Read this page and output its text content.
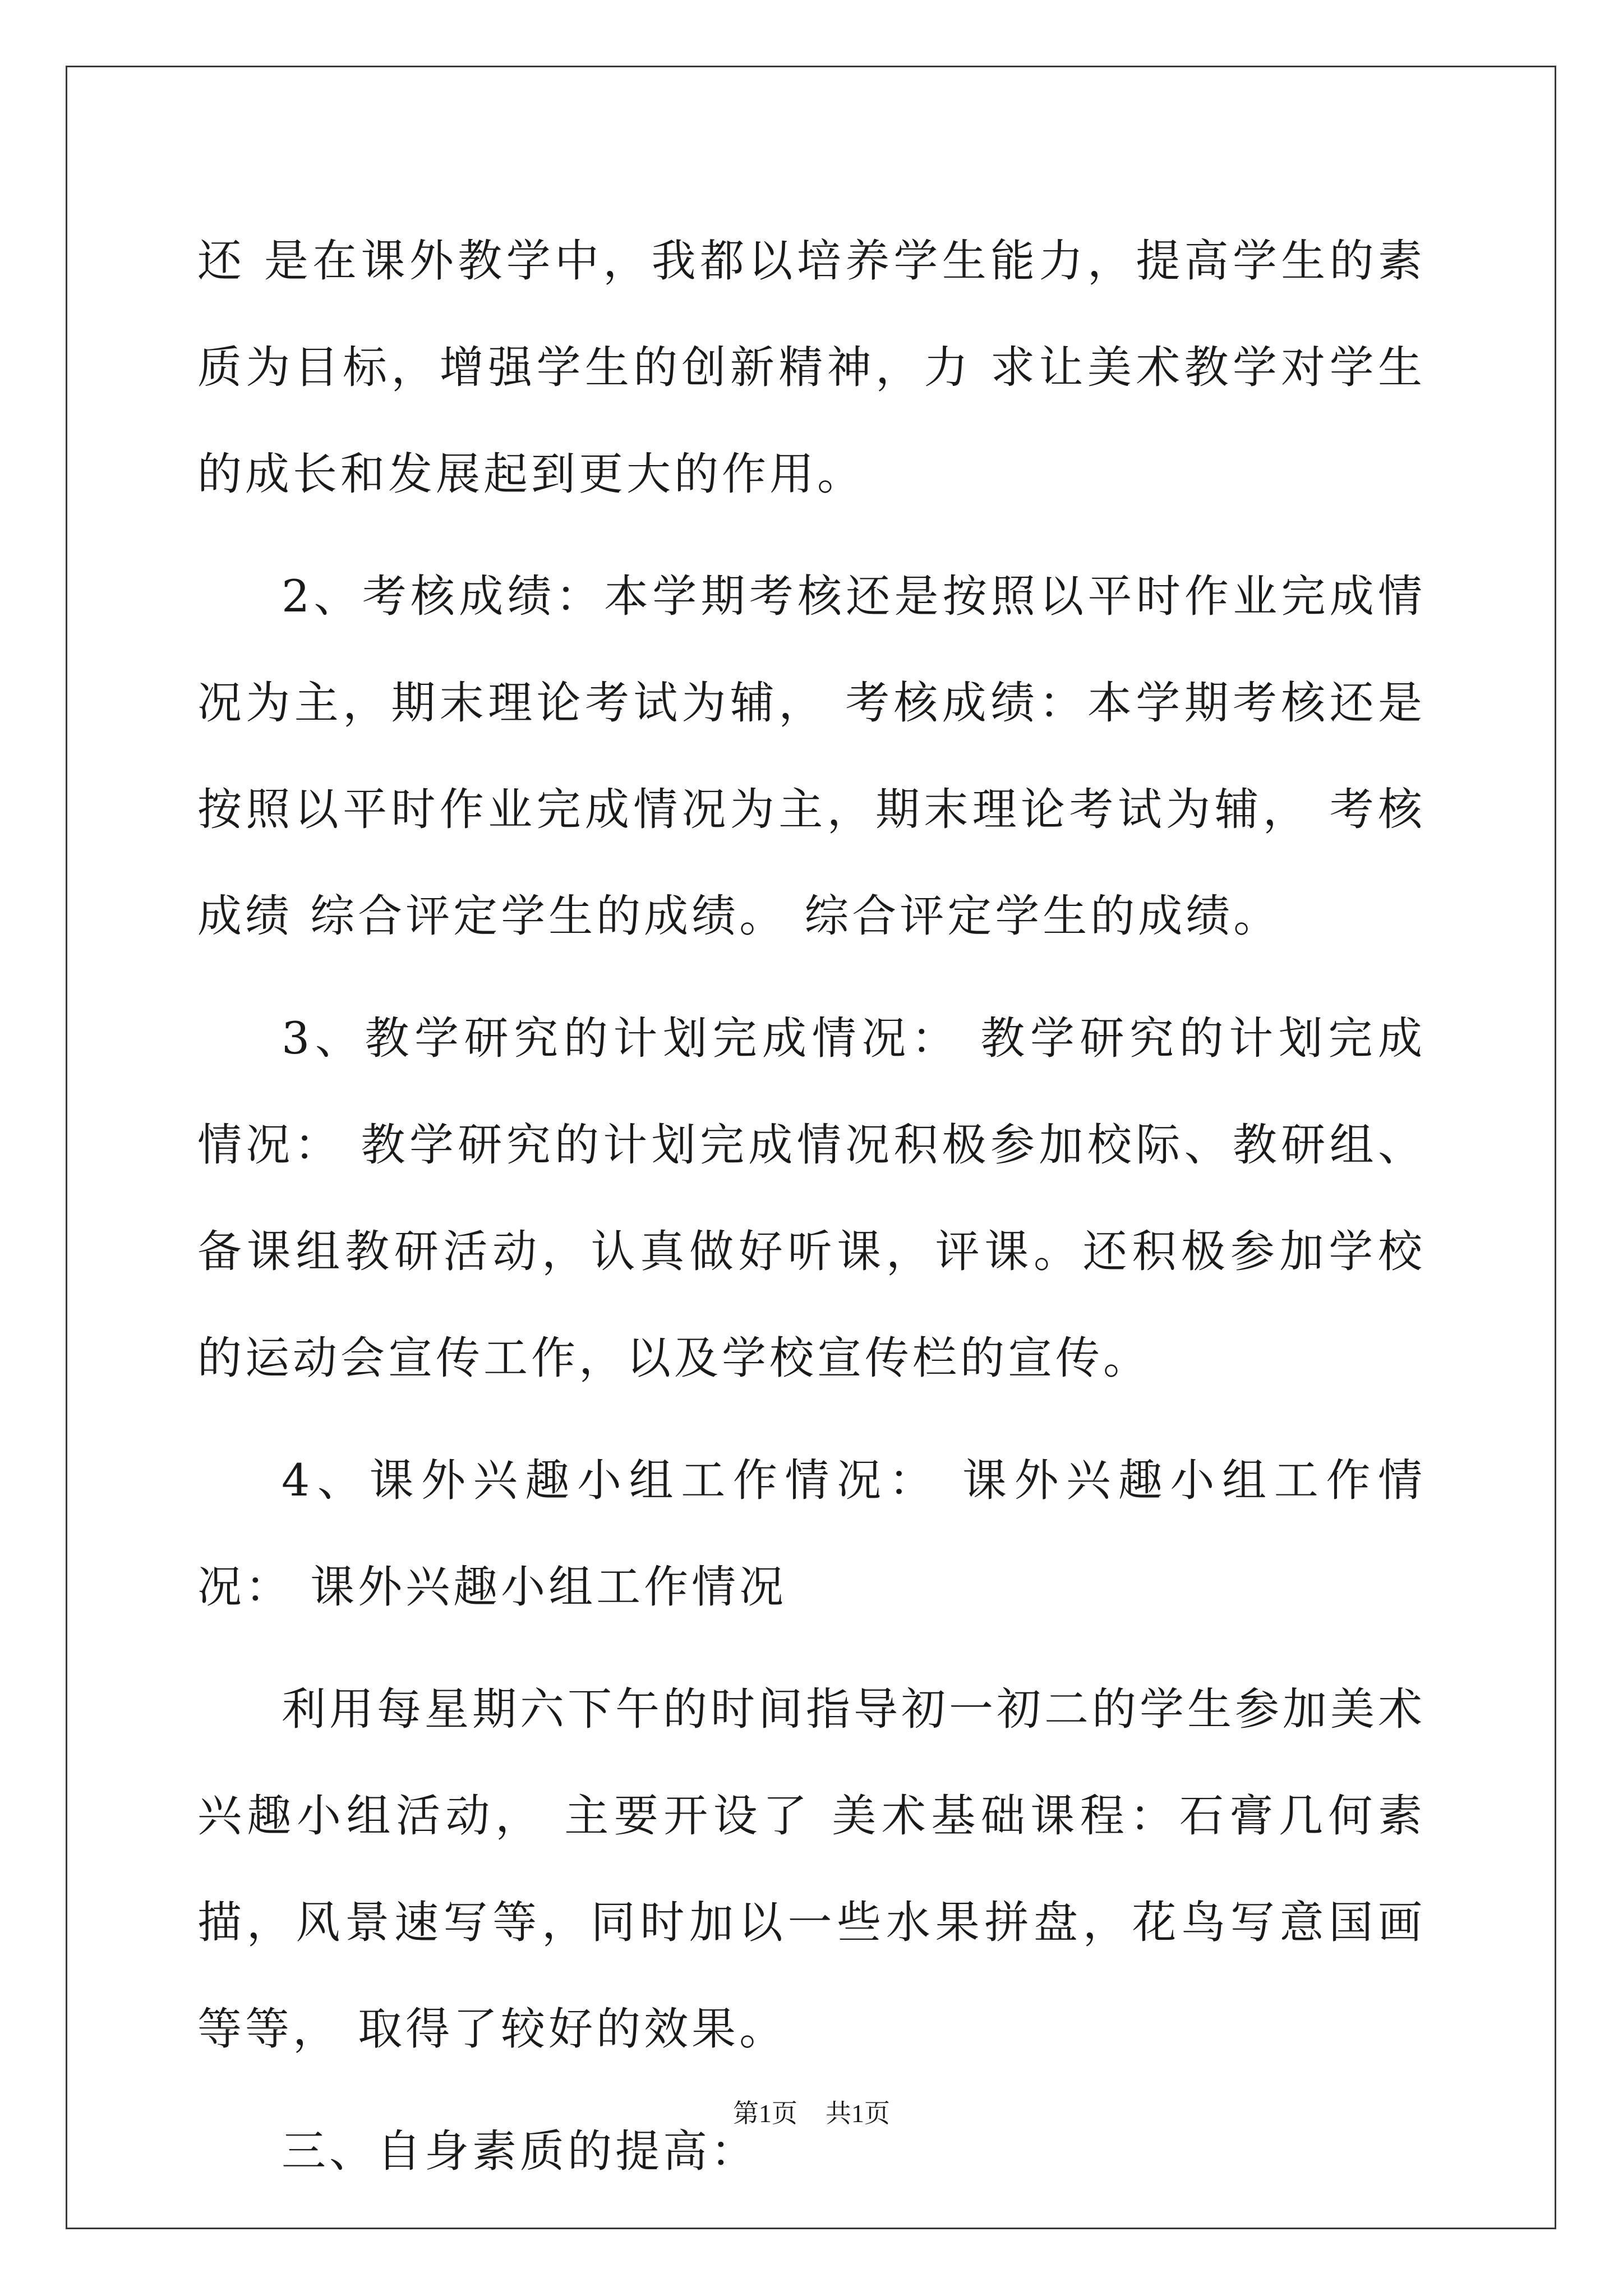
还 是在课外教学中，我都以培养学生能力，提高学生的素质为目标，增强学生的创新精神，力 求让美术教学对学生的成长和发展起到更大的作用。

2、考核成绩：本学期考核还是按照以平时作业完成情况为主，期末理论考试为辅， 考核成绩：本学期考核还是按照以平时作业完成情况为主，期末理论考试为辅， 考核成绩 综合评定学生的成绩。 综合评定学生的成绩。

3、教学研究的计划完成情况： 教学研究的计划完成情况： 教学研究的计划完成情况积极参加校际、教研组、备课组教研活动，认真做好听课，评课。还积极参加学校 的运动会宣传工作，以及学校宣传栏的宣传。

4、课外兴趣小组工作情况： 课外兴趣小组工作情况： 课外兴趣小组工作情况

利用每星期六下午的时间指导初一初二的学生参加美术兴趣小组活动， 主要开设了 美术基础课程：石膏几何素描，风景速写等，同时加以一些水果拼盘，花鸟写意国画等等， 取得了较好的效果。

三、自身素质的提高：

第1页 共1页
